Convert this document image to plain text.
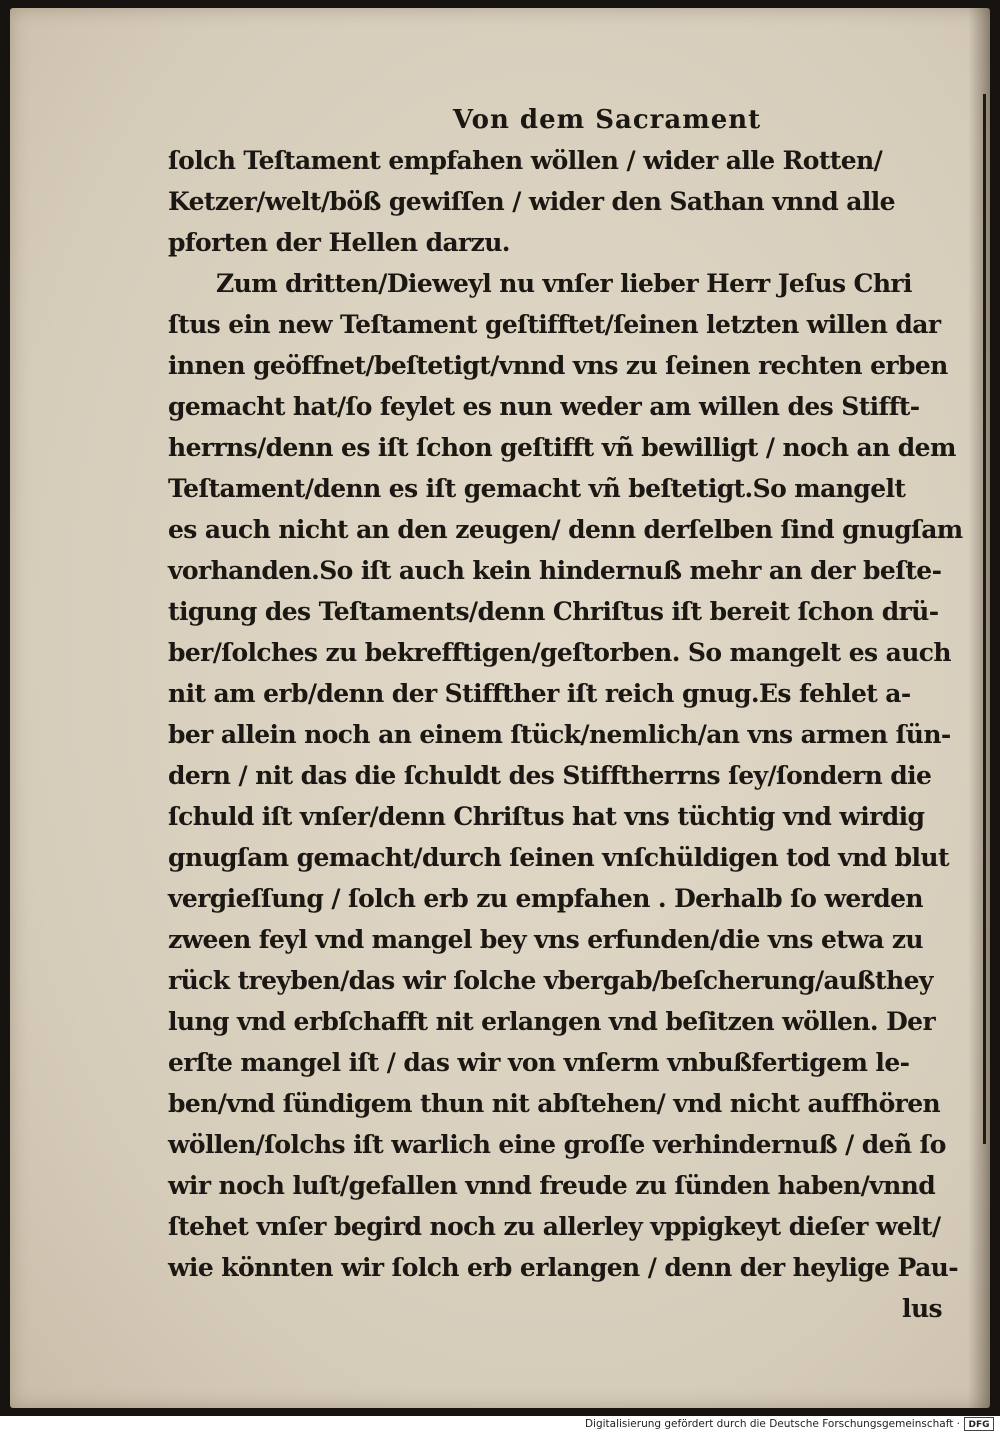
Von dem Sacrament
ſolch Teſtament empfahen wöllen / wider alle Rotten/
Ketzer/welt/böß gewiſſen / wider den Sathan vnnd alle
pforten der Hellen darzu.
Zum dritten/Dieweyl nu vnſer lieber Herr Jeſus Chri
ſtus ein new Teſtament geſtifftet/ſeinen letzten willen dar
innen geöffnet/beſtetigt/vnnd vns zu ſeinen rechten erben
gemacht hat/ſo feylet es nun weder am willen des Stifft-
herrns/denn es iſt ſchon geſtifft vñ bewilligt / noch an dem
Teſtament/denn es iſt gemacht vñ beſtetigt.So mangelt
es auch nicht an den zeugen/ denn derſelben ſind gnugſam
vorhanden.So iſt auch kein hindernuß mehr an der beſte-
tigung des Teſtaments/denn Chriſtus iſt bereit ſchon drü-
ber/ſolches zu bekrefftigen/geſtorben. So mangelt es auch
nit am erb/denn der Stiffther iſt reich gnug.Es fehlet a-
ber allein noch an einem ſtück/nemlich/an vns armen ſün-
dern / nit das die ſchuldt des Stifftherrns ſey/ſondern die
ſchuld iſt vnſer/denn Chriſtus hat vns tüchtig vnd wirdig
gnugſam gemacht/durch ſeinen vnſchüldigen tod vnd blut
vergieſſung / ſolch erb zu empfahen . Derhalb ſo werden
zween feyl vnd mangel bey vns erfunden/die vns etwa zu
rück treyben/das wir ſolche vbergab/beſcherung/außthey
lung vnd erbſchafft nit erlangen vnd beſitzen wöllen. Der
erſte mangel iſt / das wir von vnſerm vnbußfertigem le-
ben/vnd ſündigem thun nit abſtehen/ vnd nicht auffhören
wöllen/ſolchs iſt warlich eine groſſe verhindernuß / deñ ſo
wir noch luſt/gefallen vnnd freude zu ſünden haben/vnnd
ſtehet vnſer begird noch zu allerley vppigkeyt dieſer welt/
wie könnten wir ſolch erb erlangen / denn der heylige Pau-
lus
Digitalisierung gefördert durch die Deutsche Forschungsgemeinschaft · DFG
